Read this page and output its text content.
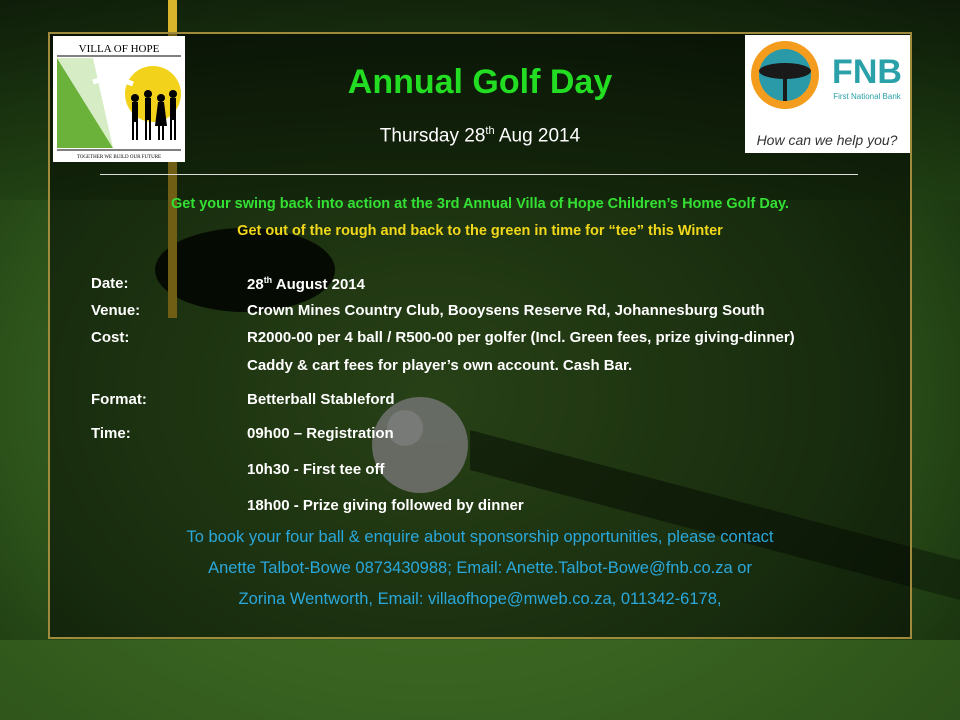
VILLA OF HOPE
TOGETHER WE BUILD OUR FUTURE
FNB
First National Bank
How can we help you?
Annual Golf Day
Thursday 28th Aug 2014
Get your swing back into action at the 3rd Annual Villa of Hope Children’s Home Golf Day.
Get out of the rough and back to the green in time for “tee” this Winter
Date:	28th August 2014
Venue:	Crown Mines Country Club, Booysens Reserve Rd, Johannesburg South
Cost:	R2000-00 per 4 ball / R500-00 per golfer (Incl. Green fees, prize giving-dinner)
Caddy & cart fees for player’s own account. Cash Bar.
Format:	Betterball Stableford
Time:	09h00 – Registration
10h30 - First tee off
18h00 - Prize giving followed by dinner
To book your four ball & enquire about sponsorship opportunities, please contact
Anette Talbot-Bowe 0873430988; Email: Anette.Talbot-Bowe@fnb.co.za or
Zorina Wentworth, Email: villaofhope@mweb.co.za, 011342-6178,
